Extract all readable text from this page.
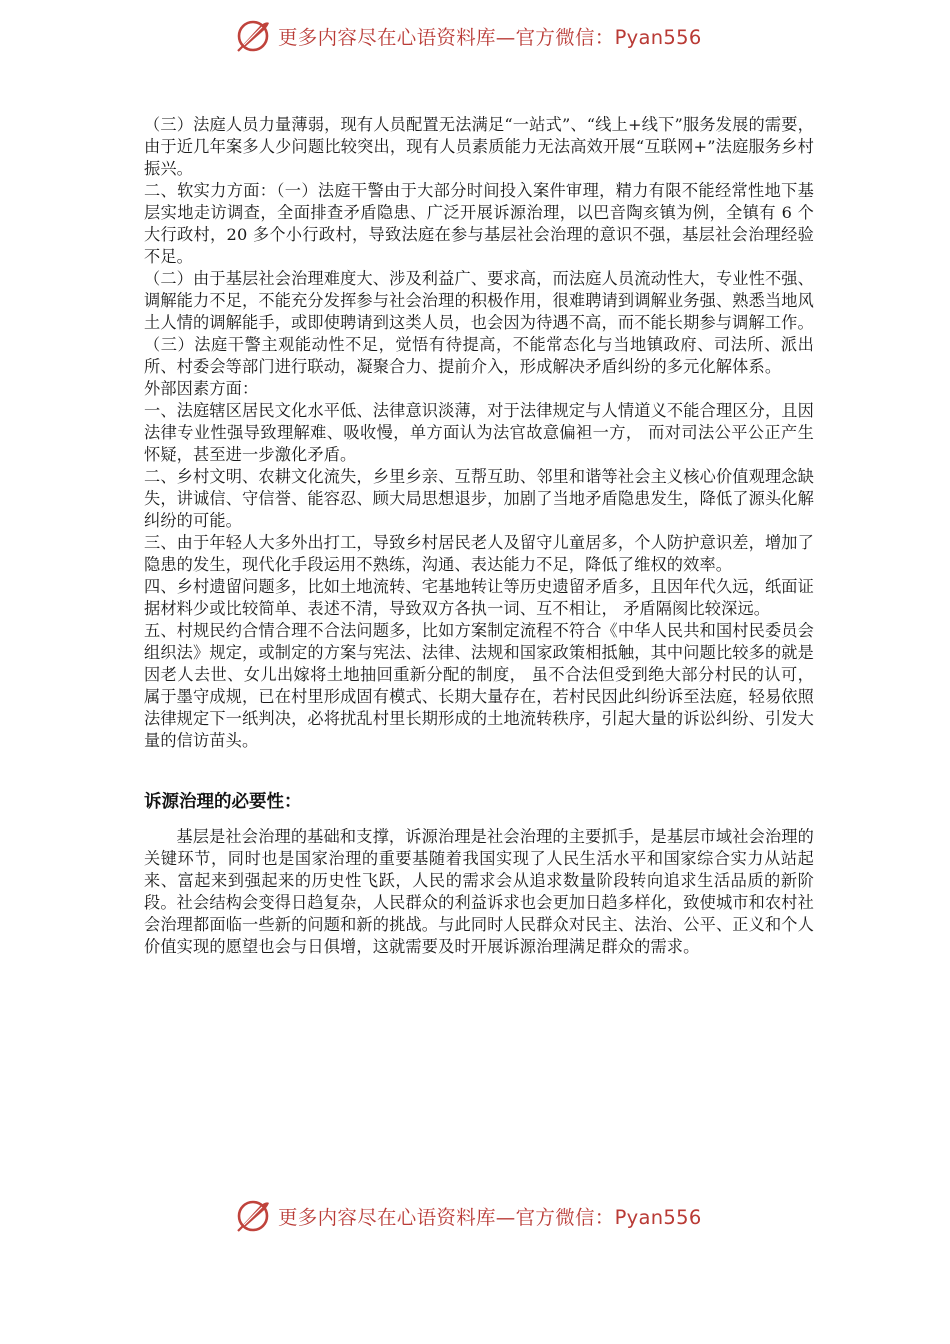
更多内容尽在心语资料库—官方微信：Pyan556

（三）法庭人员力量薄弱，现有人员配置无法满足“一站式”、“线上+线下”服务发展的需要，由于近几年案多人少问题比较突出，现有人员素质能力无法高效开展“互联网+”法庭服务乡村振兴。

二、软实力方面：（一）法庭干警由于大部分时间投入案件审理，精力有限不能经常性地下基层实地走访调查，全面排查矛盾隐患、广泛开展诉源治理，以巴音陶亥镇为例，全镇有 6 个大行政村，20 多个小行政村，导致法庭在参与基层社会治理的意识不强，基层社会治理经验不足。

（二）由于基层社会治理难度大、涉及利益广、要求高，而法庭人员流动性大，专业性不强、调解能力不足，不能充分发挥参与社会治理的积极作用，很难聘请到调解业务强、熟悉当地风土人情的调解能手，或即使聘请到这类人员，也会因为待遇不高，而不能长期参与调解工作。

（三）法庭干警主观能动性不足，觉悟有待提高，不能常态化与当地镇政府、司法所、派出所、村委会等部门进行联动，凝聚合力、提前介入，形成解决矛盾纠纷的多元化解体系。

外部因素方面：

一、法庭辖区居民文化水平低、法律意识淡薄，对于法律规定与人情道义不能合理区分，且因法律专业性强导致理解难、吸收慢，单方面认为法官故意偏袒一方， 而对司法公平公正产生怀疑，甚至进一步激化矛盾。

二、乡村文明、农耕文化流失，乡里乡亲、互帮互助、邻里和谐等社会主义核心价值观理念缺失，讲诚信、守信誉、能容忍、顾大局思想退步，加剧了当地矛盾隐患发生，降低了源头化解纠纷的可能。

三、由于年轻人大多外出打工，导致乡村居民老人及留守儿童居多，个人防护意识差，增加了隐患的发生，现代化手段运用不熟练，沟通、表达能力不足，降低了维权的效率。

四、乡村遗留问题多，比如土地流转、宅基地转让等历史遗留矛盾多，且因年代久远，纸面证据材料少或比较简单、表述不清，导致双方各执一词、互不相让， 矛盾隔阂比较深远。

五、村规民约合情合理不合法问题多，比如方案制定流程不符合《中华人民共和国村民委员会组织法》规定，或制定的方案与宪法、法律、法规和国家政策相抵触，其中问题比较多的就是因老人去世、女儿出嫁将土地抽回重新分配的制度， 虽不合法但受到绝大部分村民的认可，属于墨守成规，已在村里形成固有模式、长期大量存在，若村民因此纠纷诉至法庭，轻易依照法律规定下一纸判决，必将扰乱村里长期形成的土地流转秩序，引起大量的诉讼纠纷、引发大量的信访苗头。

诉源治理的必要性：

基层是社会治理的基础和支撑，诉源治理是社会治理的主要抓手，是基层市域社会治理的关键环节，同时也是国家治理的重要基随着我国实现了人民生活水平和国家综合实力从站起来、富起来到强起来的历史性飞跃，人民的需求会从追求数量阶段转向追求生活品质的新阶段。社会结构会变得日趋复杂，人民群众的利益诉求也会更加日趋多样化，致使城市和农村社会治理都面临一些新的问题和新的挑战。与此同时人民群众对民主、法治、公平、正义和个人价值实现的愿望也会与日俱增，这就需要及时开展诉源治理满足群众的需求。

更多内容尽在心语资料库—官方微信：Pyan556
